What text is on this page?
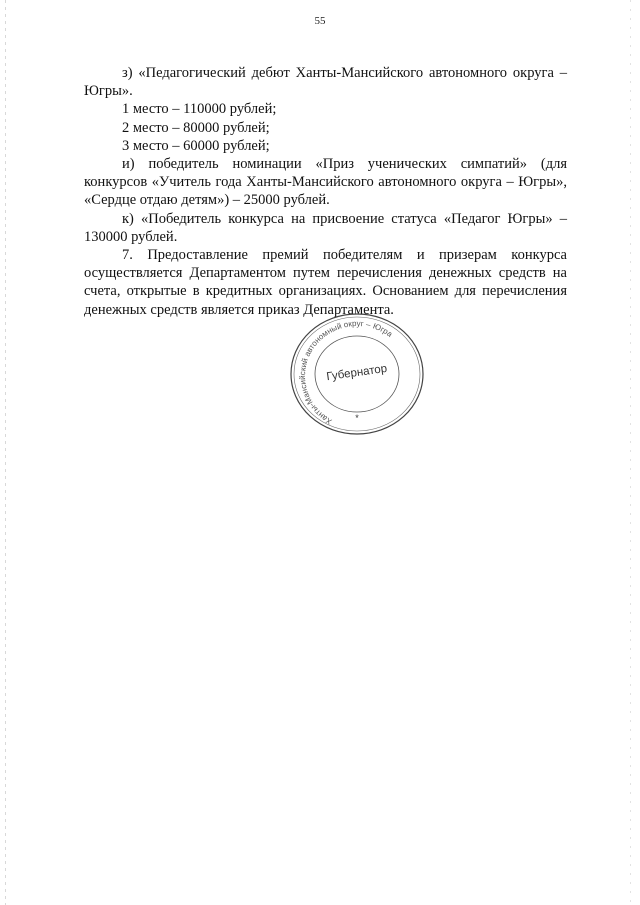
55

з) «Педагогический дебют Ханты-Мансийского автономного округа – Югры».

1 место – 110000 рублей;

2 место – 80000 рублей;

3 место – 60000 рублей;

и) победитель номинации «Приз ученических симпатий» (для конкурсов «Учитель года Ханты-Мансийского автономного округа – Югры», «Сердце отдаю детям») – 25000 рублей.

к) «Победитель конкурса на присвоение статуса «Педагог Югры» – 130000 рублей.

7. Предоставление премий победителям и призерам конкурса осуществляется Департаментом путем перечисления денежных средств на счета, открытые в кредитных организациях. Основанием для перечисления денежных средств является приказ Департамента.

Ханты-Мансийский автономный округ – Югра
Губернатор
*
